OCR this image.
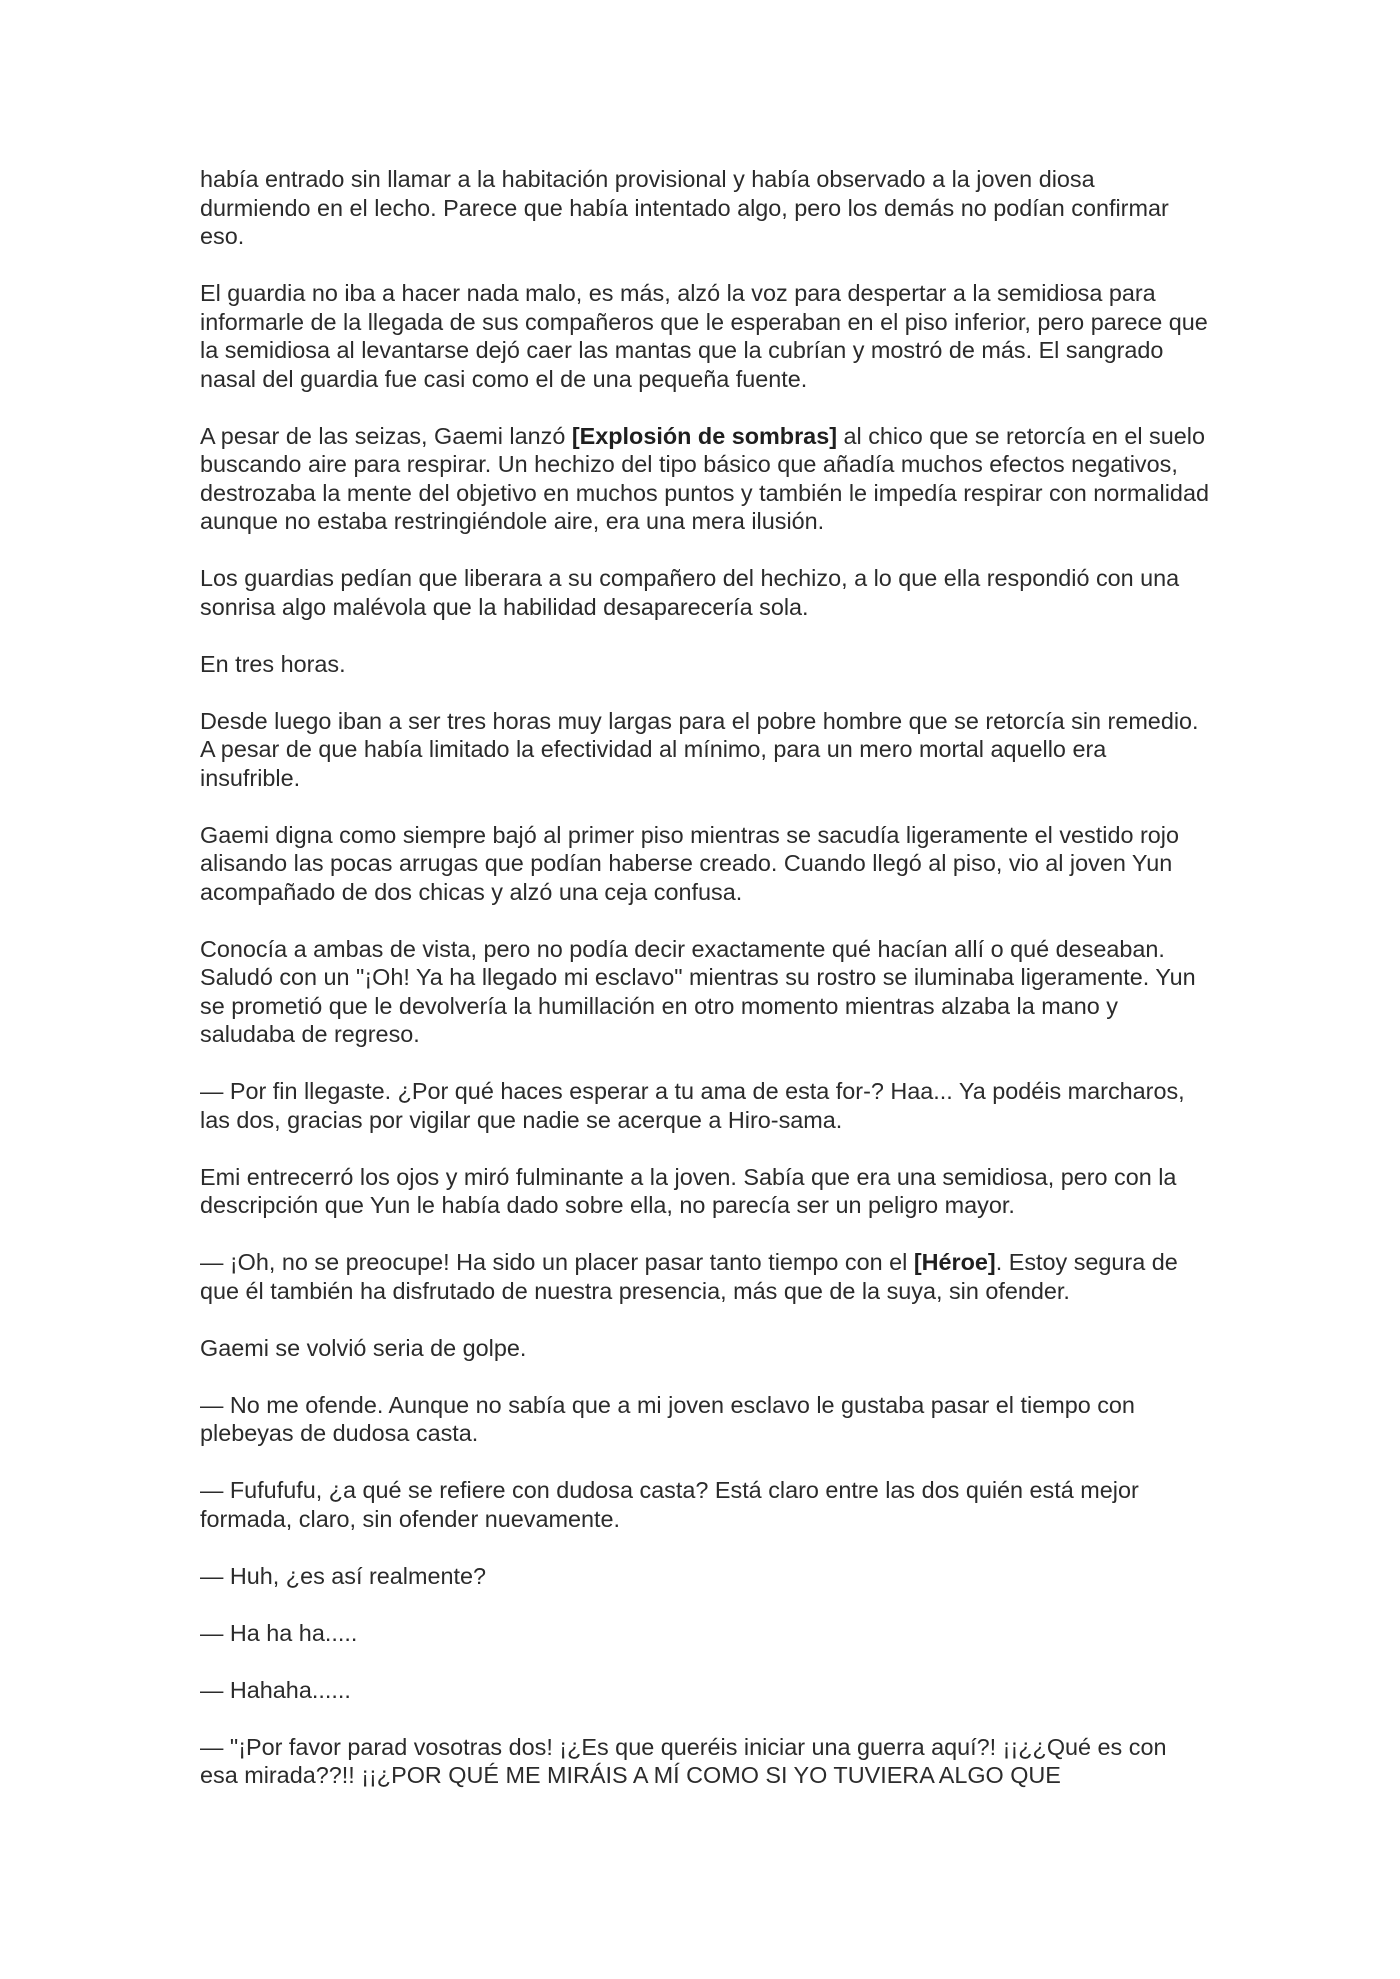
había entrado sin llamar a la habitación provisional y había observado a la joven diosa durmiendo en el lecho. Parece que había intentado algo, pero los demás no podían confirmar eso.

El guardia no iba a hacer nada malo, es más, alzó la voz para despertar a la semidiosa para informarle de la llegada de sus compañeros que le esperaban en el piso inferior, pero parece que la semidiosa al levantarse dejó caer las mantas que la cubrían y mostró de más. El sangrado nasal del guardia fue casi como el de una pequeña fuente.

A pesar de las seizas, Gaemi lanzó [Explosión de sombras] al chico que se retorcía en el suelo buscando aire para respirar. Un hechizo del tipo básico que añadía muchos efectos negativos, destrozaba la mente del objetivo en muchos puntos y también le impedía respirar con normalidad aunque no estaba restringiéndole aire, era una mera ilusión.

Los guardias pedían que liberara a su compañero del hechizo, a lo que ella respondió con una sonrisa algo malévola que la habilidad desaparecería sola.

En tres horas.

Desde luego iban a ser tres horas muy largas para el pobre hombre que se retorcía sin remedio. A pesar de que había limitado la efectividad al mínimo, para un mero mortal aquello era insufrible.

Gaemi digna como siempre bajó al primer piso mientras se sacudía ligeramente el vestido rojo alisando las pocas arrugas que podían haberse creado. Cuando llegó al piso, vio al joven Yun acompañado de dos chicas y alzó una ceja confusa.

Conocía a ambas de vista, pero no podía decir exactamente qué hacían allí o qué deseaban. Saludó con un "¡Oh! Ya ha llegado mi esclavo" mientras su rostro se iluminaba ligeramente. Yun se prometió que le devolvería la humillación en otro momento mientras alzaba la mano y saludaba de regreso.

— Por fin llegaste. ¿Por qué haces esperar a tu ama de esta for-? Haa... Ya podéis marcharos, las dos, gracias por vigilar que nadie se acerque a Hiro-sama.

Emi entrecerró los ojos y miró fulminante a la joven. Sabía que era una semidiosa, pero con la descripción que Yun le había dado sobre ella, no parecía ser un peligro mayor.

— ¡Oh, no se preocupe! Ha sido un placer pasar tanto tiempo con el [Héroe]. Estoy segura de que él también ha disfrutado de nuestra presencia, más que de la suya, sin ofender.

Gaemi se volvió seria de golpe.

— No me ofende. Aunque no sabía que a mi joven esclavo le gustaba pasar el tiempo con plebeyas de dudosa casta.

— Fufufufu, ¿a qué se refiere con dudosa casta? Está claro entre las dos quién está mejor formada, claro, sin ofender nuevamente.

— Huh, ¿es así realmente?

— Ha ha ha.....

— Hahaha......

— "¡Por favor parad vosotras dos! ¡¿Es que queréis iniciar una guerra aquí?! ¡¡¿¿Qué es con esa mirada??!! ¡¡¿POR QUÉ ME MIRÁIS A MÍ COMO SI YO TUVIERA ALGO QUE
